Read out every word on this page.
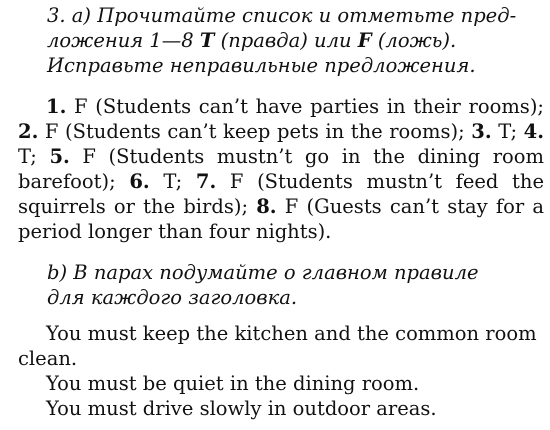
3. a) Прочитайте список и отметьте пред-
ложения 1—8 T (правда) или F (ложь).
Исправьте неправильные предложения.
1. F (Students can’t have parties in their rooms); 2. F (Students can’t keep pets in the rooms); 3. T; 4. T; 5. F (Students mustn’t go in the dining room barefoot); 6. T; 7. F (Students mustn’t feed the squirrels or the birds); 8. F (Guests can’t stay for a period longer than four nights).
b) В парах подумайте о главном правиле
для каждого заголовка.
You must keep the kitchen and the common room clean.
You must be quiet in the dining room.
You must drive slowly in outdoor areas.
